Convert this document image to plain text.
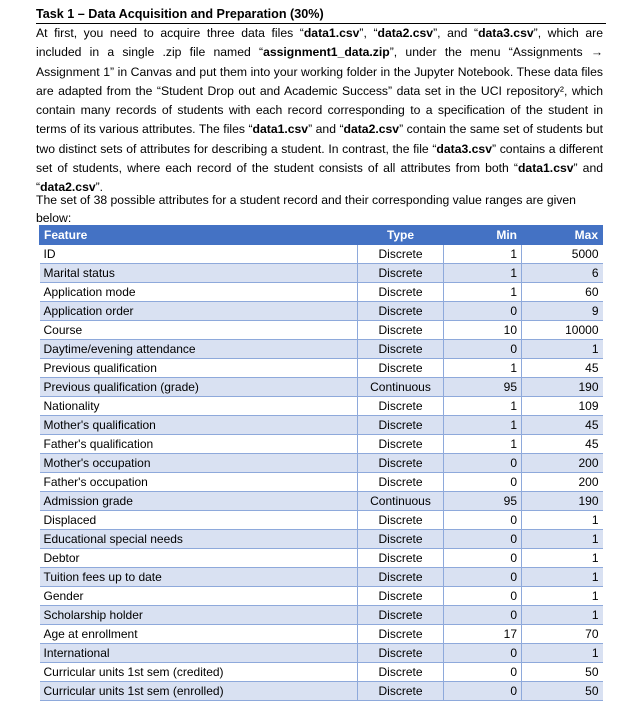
Task 1 – Data Acquisition and Preparation (30%)
At first, you need to acquire three data files “data1.csv”, “data2.csv”, and “data3.csv”, which are included in a single .zip file named “assignment1_data.zip”, under the menu “Assignments → Assignment 1” in Canvas and put them into your working folder in the Jupyter Notebook. These data files are adapted from the “Student Drop out and Academic Success” data set in the UCI repository², which contain many records of students with each record corresponding to a specification of the student in terms of its various attributes. The files “data1.csv” and “data2.csv” contain the same set of students but two distinct sets of attributes for describing a student. In contrast, the file “data3.csv” contains a different set of students, where each record of the student consists of all attributes from both “data1.csv” and “data2.csv”.
The set of 38 possible attributes for a student record and their corresponding value ranges are given below:
Feature	Type	Min	Max
ID	Discrete	1	5000
Marital status	Discrete	1	6
Application mode	Discrete	1	60
Application order	Discrete	0	9
Course	Discrete	10	10000
Daytime/evening attendance	Discrete	0	1
Previous qualification	Discrete	1	45
Previous qualification (grade)	Continuous	95	190
Nationality	Discrete	1	109
Mother's qualification	Discrete	1	45
Father's qualification	Discrete	1	45
Mother's occupation	Discrete	0	200
Father's occupation	Discrete	0	200
Admission grade	Continuous	95	190
Displaced	Discrete	0	1
Educational special needs	Discrete	0	1
Debtor	Discrete	0	1
Tuition fees up to date	Discrete	0	1
Gender	Discrete	0	1
Scholarship holder	Discrete	0	1
Age at enrollment	Discrete	17	70
International	Discrete	0	1
Curricular units 1st sem (credited)	Discrete	0	50
Curricular units 1st sem (enrolled)	Discrete	0	50
